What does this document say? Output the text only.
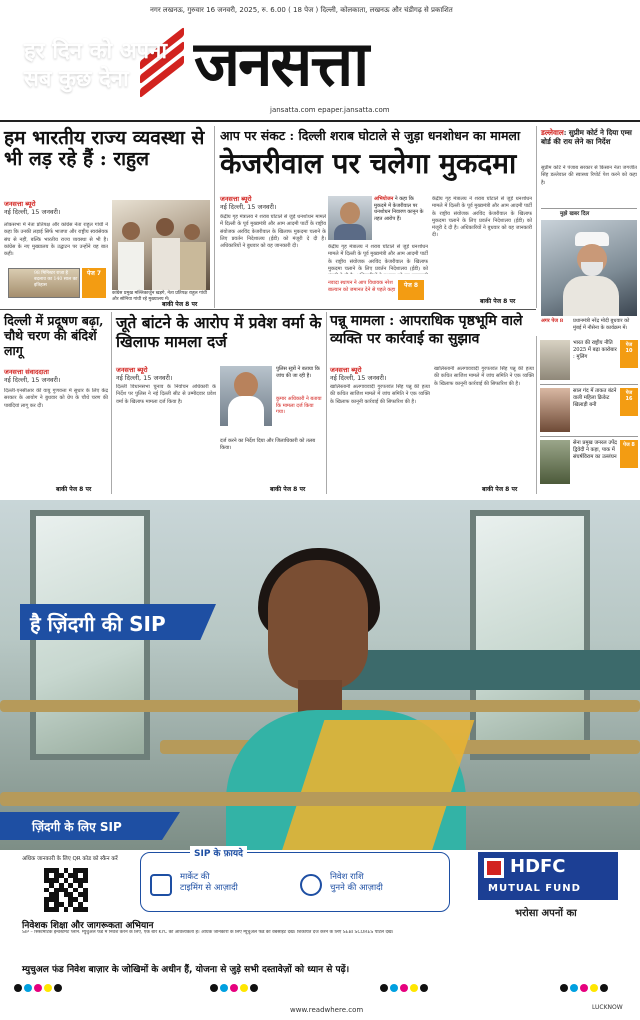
नगर लखनऊ, गुरुवार 16 जनवरी, 2025, रु. 6.00 ( 18 पेज ) दिल्ली, कोलकाता, लखनऊ और चंडीगढ़ से प्रकाशित
जनसत्ता
jansatta.com epaper.jansatta.com
हम भारतीय राज्य व्यवस्था से भी लड़ रहे हैं : राहुल
जनसत्ता ब्यूरो
नई दिल्ली, 15 जनवरी।
लोकसभा में नेता प्रतिपक्ष और कांग्रेस नेता राहुल गांधी ने कहा कि उनकी लड़ाई सिर्फ भाजपा और राष्ट्रीय स्वयंसेवक संघ से नहीं, बल्कि भारतीय राज्य व्यवस्था से भी है। कांग्रेस के नए मुख्यालय के उद्घाटन पर उन्होंने यह बात कही।
98 मिनिस्टर राजा है बदलाव का 140 साल का इतिहास
पेज 7
बाकी पेज 8 पर
कांग्रेस प्रमुख मल्लिकार्जुन खड़गे, नेता प्रतिपक्ष राहुल गांधी और सोनिया गांधी रहे मुख्यालय में।
आप पर संकट : दिल्ली शराब घोटाले से जुड़ा धनशोधन का मामला
केजरीवाल पर चलेगा मुकदमा
जनसत्ता ब्यूरो
नई दिल्ली, 15 जनवरी।
केंद्रीय गृह मंत्रालय ने शराब घोटाले से जुड़े धनशोधन मामले में दिल्ली के पूर्व मुख्यमंत्री और आम आदमी पार्टी के राष्ट्रीय संयोजक अरविंद केजरीवाल के खिलाफ मुकदमा चलाने के लिए प्रवर्तन निदेशालय (ईडी) को मंजूरी दे दी है। अधिकारियों ने बुधवार को यह जानकारी दी।
अभियोजन ने कहा कि मुकदमे में केजरीवाल पर धनशोधन निवारण कानून के तहत आरोप हैं।
केंद्रीय गृह मंत्रालय ने शराब घोटाले से जुड़े धनशोधन मामले में दिल्ली के पूर्व मुख्यमंत्री और आम आदमी पार्टी के राष्ट्रीय संयोजक अरविंद केजरीवाल के खिलाफ मुकदमा चलाने के लिए प्रवर्तन निदेशालय (ईडी) को
नवादा स्थापन ने आप विधायक नरेश बाल्यान को जमानत देने से पहले कहा
पेज 8
केंद्रीय गृह मंत्रालय ने शराब घोटाले से जुड़े धनशोधन मामले में दिल्ली के पूर्व मुख्यमंत्री और आम आदमी पार्टी के राष्ट्रीय संयोजक अरविंद केजरीवाल के खिलाफ मुकदमा चलाने के लिए प्रवर्तन निदेशालय (ईडी) को मंजूरी दे दी है। अधिकारियों ने बुधवार को यह जानकारी दी।
बाकी पेज 8 पर
डल्लेवाल: सुप्रीम कोर्ट ने दिया एम्स बोर्ड की राय लेने का निर्देश
सुप्रीम कोर्ट ने पंजाब सरकार से किसान नेता जगजीत सिंह डल्लेवाल की स्वास्थ्य रिपोर्ट पेश करने को कहा है।
मुझे खबर दिल
अगर पेज 8	प्रधानमंत्री नरेंद्र मोदी बुधवार को मुंबई में नौसेना के कार्यक्रम में।
दिल्ली में प्रदूषण बढ़ा, चौथे चरण की बंदिशें लागू
जनसत्ता संवाददाता
नई दिल्ली, 15 जनवरी।
दिल्ली-एनसीआर की वायु गुणवत्ता में सुधार के लिए केंद्र सरकार के आयोग ने बुधवार को ग्रेप के चौथे चरण की पाबंदियां लागू कर दीं।
बाकी पेज 8 पर
जूते बांटने के आरोप में प्रवेश वर्मा के खिलाफ मामला दर्ज
जनसत्ता ब्यूरो
नई दिल्ली, 15 जनवरी।
दिल्ली विधानसभा चुनाव के निर्वाचन अधिकारी के निर्देश पर पुलिस ने नई दिल्ली सीट से उम्मीदवार प्रवेश वर्मा के खिलाफ मामला दर्ज किया है।
पुलिस सूत्रों ने बताया कि जांच की जा रही है।
कुमार अधिकारी ने बताया कि मामला दर्ज किया गया।
दर्ज करने का निर्देश दिया और जिलाधिकारी को तलब किया।
बाकी पेज 8 पर
पन्नू मामला : आपराधिक पृष्ठभूमि वाले व्यक्ति पर कार्रवाई का सुझाव
जनसत्ता ब्यूरो
नई दिल्ली, 15 जनवरी।
खालिस्तानी अलगाववादी गुरपतवंत सिंह पन्नू की हत्या की कथित साजिश मामले में जांच समिति ने एक व्यक्ति के खिलाफ कानूनी कार्रवाई की सिफारिश की है।
खालिस्तानी अलगाववादी गुरपतवंत सिंह पन्नू की हत्या की कथित साजिश मामले में जांच समिति ने एक व्यक्ति के खिलाफ कानूनी कार्रवाई की सिफारिश की है।
बाकी पेज 8 पर
भारत की राष्ट्रीय नीति 2025 में बढ़ा कारोबार : मुलिंग
पेज 10
साल गंद में ताकत बंटने वाली महिला क्रिकेट खिलाड़ी बनी
पेज 16
सेना प्रमुख जनरल उपेंद्र द्विवेदी ने कहा, पाक में संघर्षविराम का उल्लंघन
पेज 8
हर दिन को अपना
सब कुछ देना
है ज़िंदगी की SIP
ज़िंदगी के लिए SIP
अधिक जानकारी के लिए QR कोड को स्कैन करें	SIP के फ़ायदे
मार्केट की
टाइमिंग से आज़ादी
निवेश राशि
चुनने की आज़ादी
HDFC
MUTUAL FUND
भरोसा अपनों का
निवेशक शिक्षा और जागरूकता अभियान
SIP – सिस्टेमेटिक इन्वेस्टमेंट प्लान. म्युचुअल फंड में निवेश करने के लिए, एक बार KYC की आवश्यकता है। अधिक जानकारी के लिए म्युचुअल फंड की वेबसाइट देखें। शिकायत दर्ज करने के लिए SEBI SCORES पोर्टल देखें।
म्युचुअल फंड निवेश बाज़ार के जोखिमों के अधीन हैं, योजना से जुड़े सभी दस्तावेज़ों को ध्यान से पढ़ें।
www.readwhere.com	LUCKNOW
